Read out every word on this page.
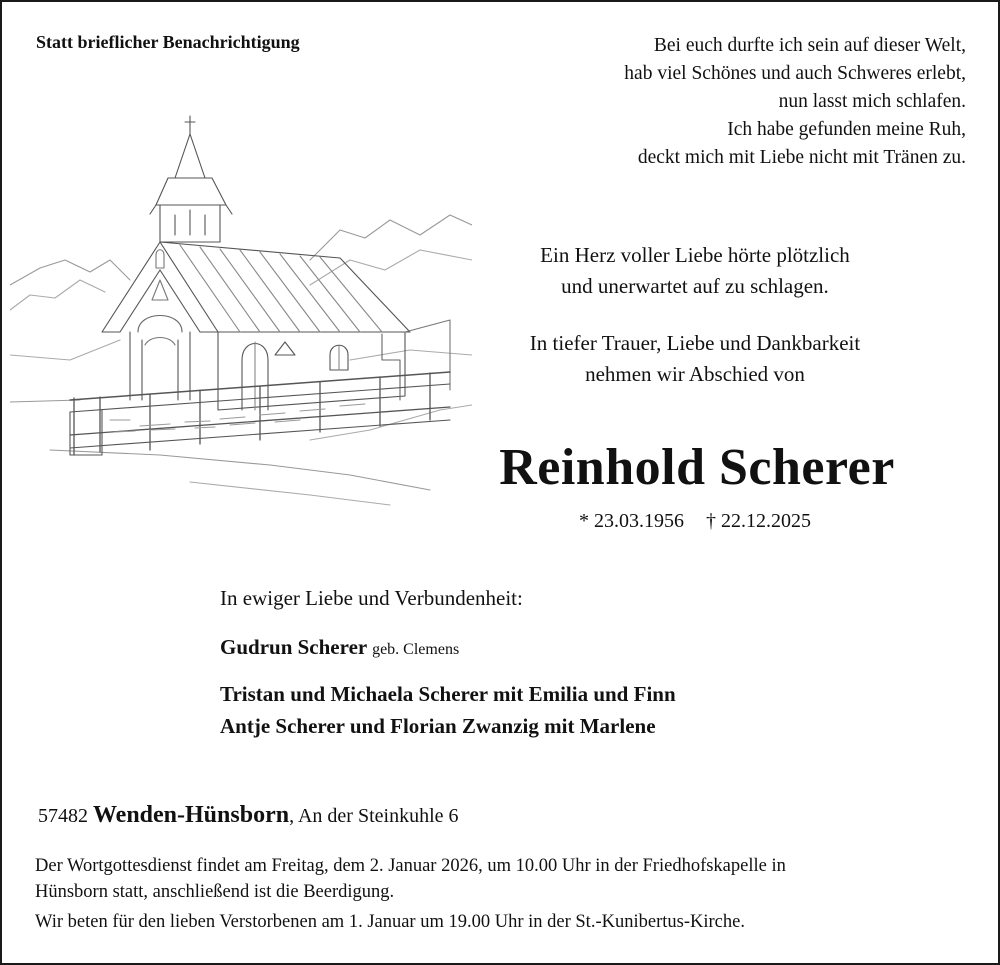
Statt brieflicher Benachrichtigung	Bei euch durfte ich sein auf dieser Welt,
hab viel Schönes und auch Schweres erlebt,
nun lasst mich schlafen.
Ich habe gefunden meine Ruh,
deckt mich mit Liebe nicht mit Tränen zu.
Ein Herz voller Liebe hörte plötzlich
und unerwartet auf zu schlagen.
In tiefer Trauer, Liebe und Dankbarkeit
nehmen wir Abschied von
Reinhold Scherer
* 23.03.1956 † 22.12.2025
In ewiger Liebe und Verbundenheit:
Gudrun Scherer geb. Clemens
Tristan und Michaela Scherer mit Emilia und Finn
Antje Scherer und Florian Zwanzig mit Marlene
57482 Wenden-Hünsborn, An der Steinkuhle 6
Der Wortgottesdienst findet am Freitag, dem 2. Januar 2026, um 10.00 Uhr in der Friedhofskapelle in
Hünsborn statt, anschließend ist die Beerdigung.
Wir beten für den lieben Verstorbenen am 1. Januar um 19.00 Uhr in der St.-Kunibertus-Kirche.
